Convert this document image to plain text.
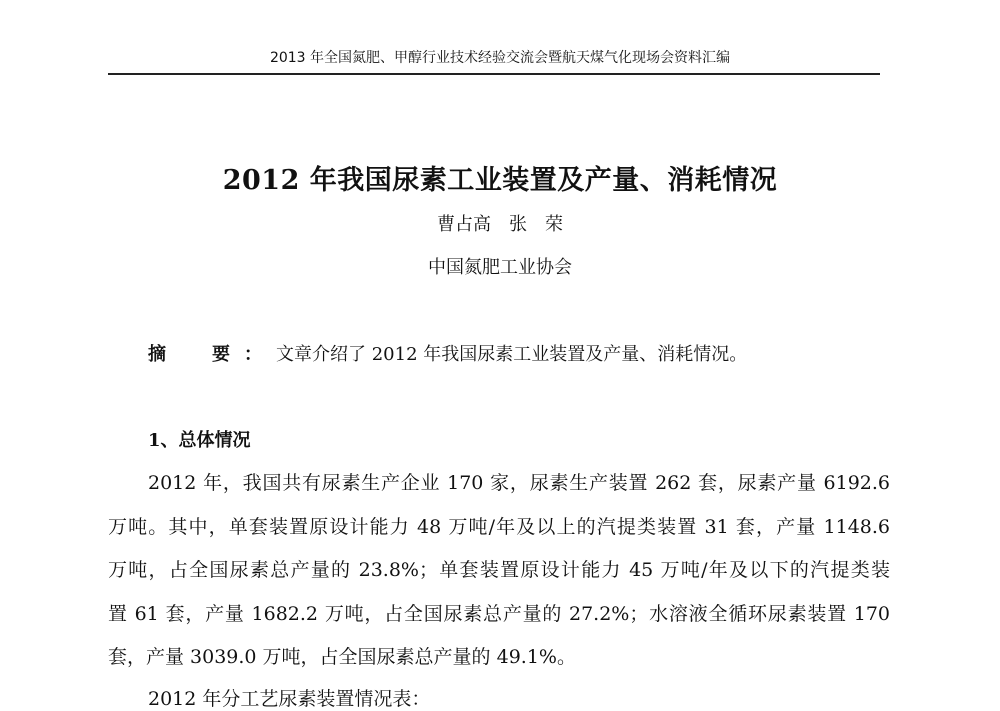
2013 年全国氮肥、甲醇行业技术经验交流会暨航天煤气化现场会资料汇编
2012 年我国尿素工业装置及产量、消耗情况
曹占高　张　荣
中国氮肥工业协会
摘　要：文章介绍了 2012 年我国尿素工业装置及产量、消耗情况。
1、总体情况
2012 年，我国共有尿素生产企业 170 家，尿素生产装置 262 套，尿素产量 6192.6
万吨。其中，单套装置原设计能力 48 万吨/年及以上的汽提类装置 31 套，产量 1148.6
万吨，占全国尿素总产量的 23.8%；单套装置原设计能力 45 万吨/年及以下的汽提类装
置 61 套，产量 1682.2 万吨，占全国尿素总产量的 27.2%；水溶液全循环尿素装置 170
套，产量 3039.0 万吨，占全国尿素总产量的 49.1%。
2012 年分工艺尿素装置情况表：
